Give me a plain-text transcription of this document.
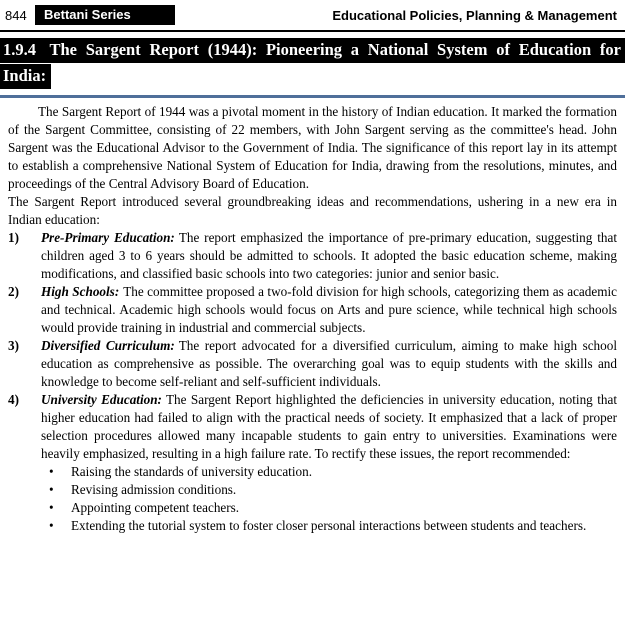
844	Bettani Series	Educational Policies, Planning & Management
1.9.4 The Sargent Report (1944): Pioneering a National System of Education for
India:

The Sargent Report of 1944 was a pivotal moment in the history of Indian education. It marked the formation of the Sargent Committee, consisting of 22 members, with John Sargent serving as the committee's head. John Sargent was the Educational Advisor to the Government of India. The significance of this report lay in its attempt to establish a comprehensive National System of Education for India, drawing from the resolutions, minutes, and proceedings of the Central Advisory Board of Education.

The Sargent Report introduced several groundbreaking ideas and recommendations, ushering in a new era in Indian education:

1)	Pre-Primary Education: The report emphasized the importance of pre-primary education, suggesting that children aged 3 to 6 years should be admitted to schools. It adopted the basic education scheme, making modifications, and classified basic schools into two categories: junior and senior basic.
2)	High Schools: The committee proposed a two-fold division for high schools, categorizing them as academic and technical. Academic high schools would focus on Arts and pure science, while technical high schools would provide training in industrial and commercial subjects.
3)	Diversified Curriculum: The report advocated for a diversified curriculum, aiming to make high school education as comprehensive as possible. The overarching goal was to equip students with the skills and knowledge to become self-reliant and self-sufficient individuals.
4)	University Education: The Sargent Report highlighted the deficiencies in university education, noting that higher education had failed to align with the practical needs of society. It emphasized that a lack of proper selection procedures allowed many incapable students to gain entry to universities. Examinations were heavily emphasized, resulting in a high failure rate. To rectify these issues, the report recommended:
•	Raising the standards of university education.
•	Revising admission conditions.
•	Appointing competent teachers.
•	Extending the tutorial system to foster closer personal interactions between students and teachers.
